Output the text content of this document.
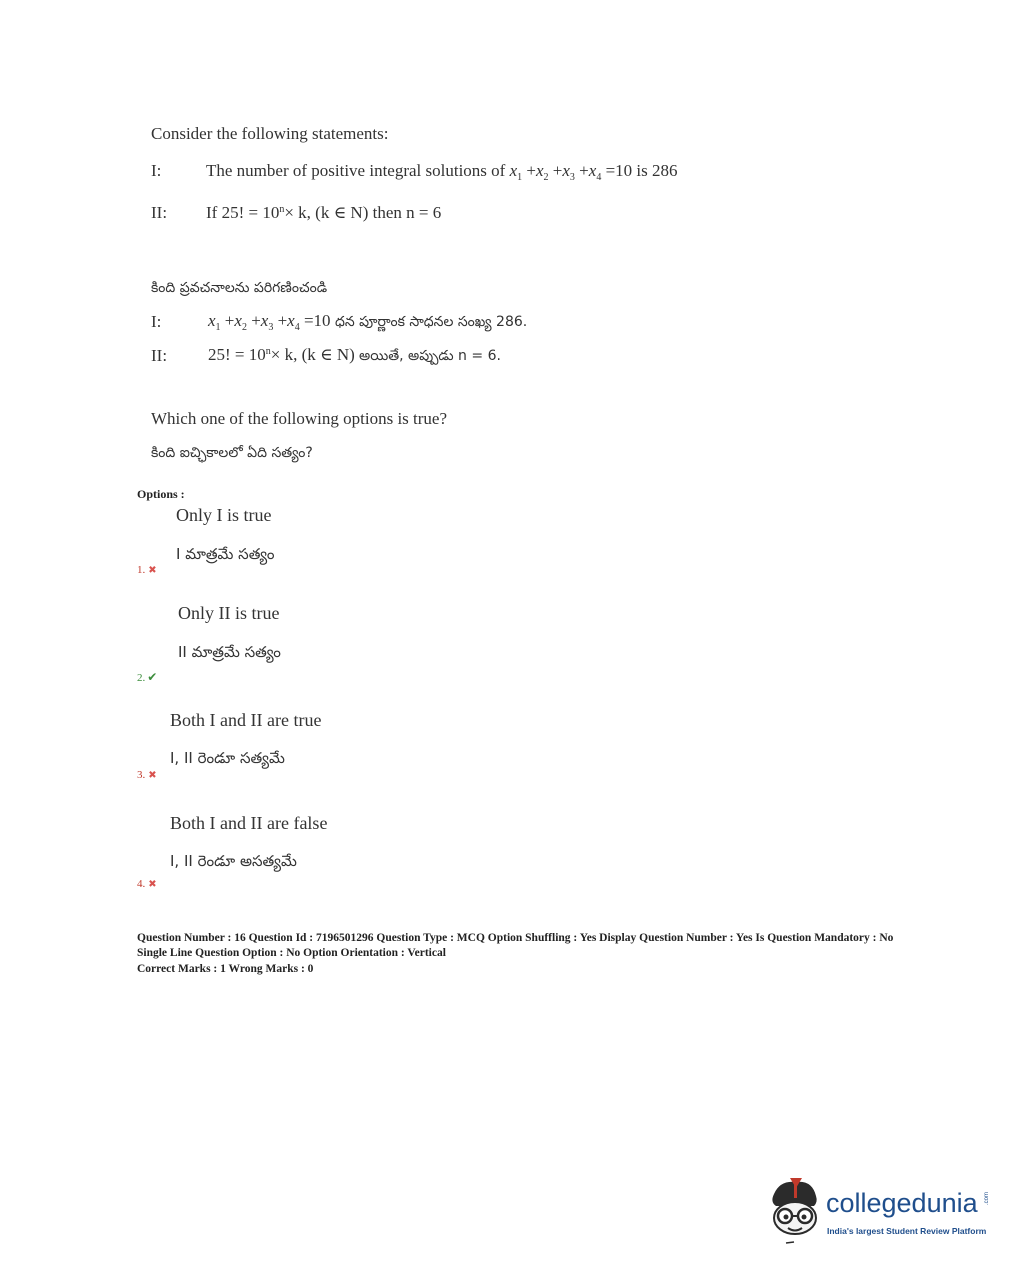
Consider the following statements:
I:	The number of positive integral solutions of $x_1 +x_2 +x_3 +x_4 =10$ is 286
II: If 25! = $10^n\times k$, (k ∈ N) then n = 6
కింది ప్రవచనాలను పరిగణించండి
I:	$x_1 +x_2 +x_3 +x_4 =10$ ధన పూర్ణాంక సాధనల సంఖ్య 286.
II: 25! = $10^n\times k$, (k ∈ N) అయితే, అప్పుడు n = 6.
Which one of the following options is true?
కింది ఐచ్ఛికాలలో ఏది సత్యం?
Options :
Only I is true
I మాత్రమే సత్యం
1. ✖
Only II is true
II మాత్రమే సత్యం
2. ✔
Both I and II are true
I, II రెండూ సత్యమే
3. ✖
Both I and II are false
I, II రెండూ అసత్యమే
4. ✖
Question Number : 16 Question Id : 7196501296 Question Type : MCQ Option Shuffling : Yes Display Question Number : Yes Is Question Mandatory : No Single Line Question Option : No Option Orientation : Vertical
Correct Marks : 1 Wrong Marks : 0
collegedunia .com
India's largest Student Review Platform
